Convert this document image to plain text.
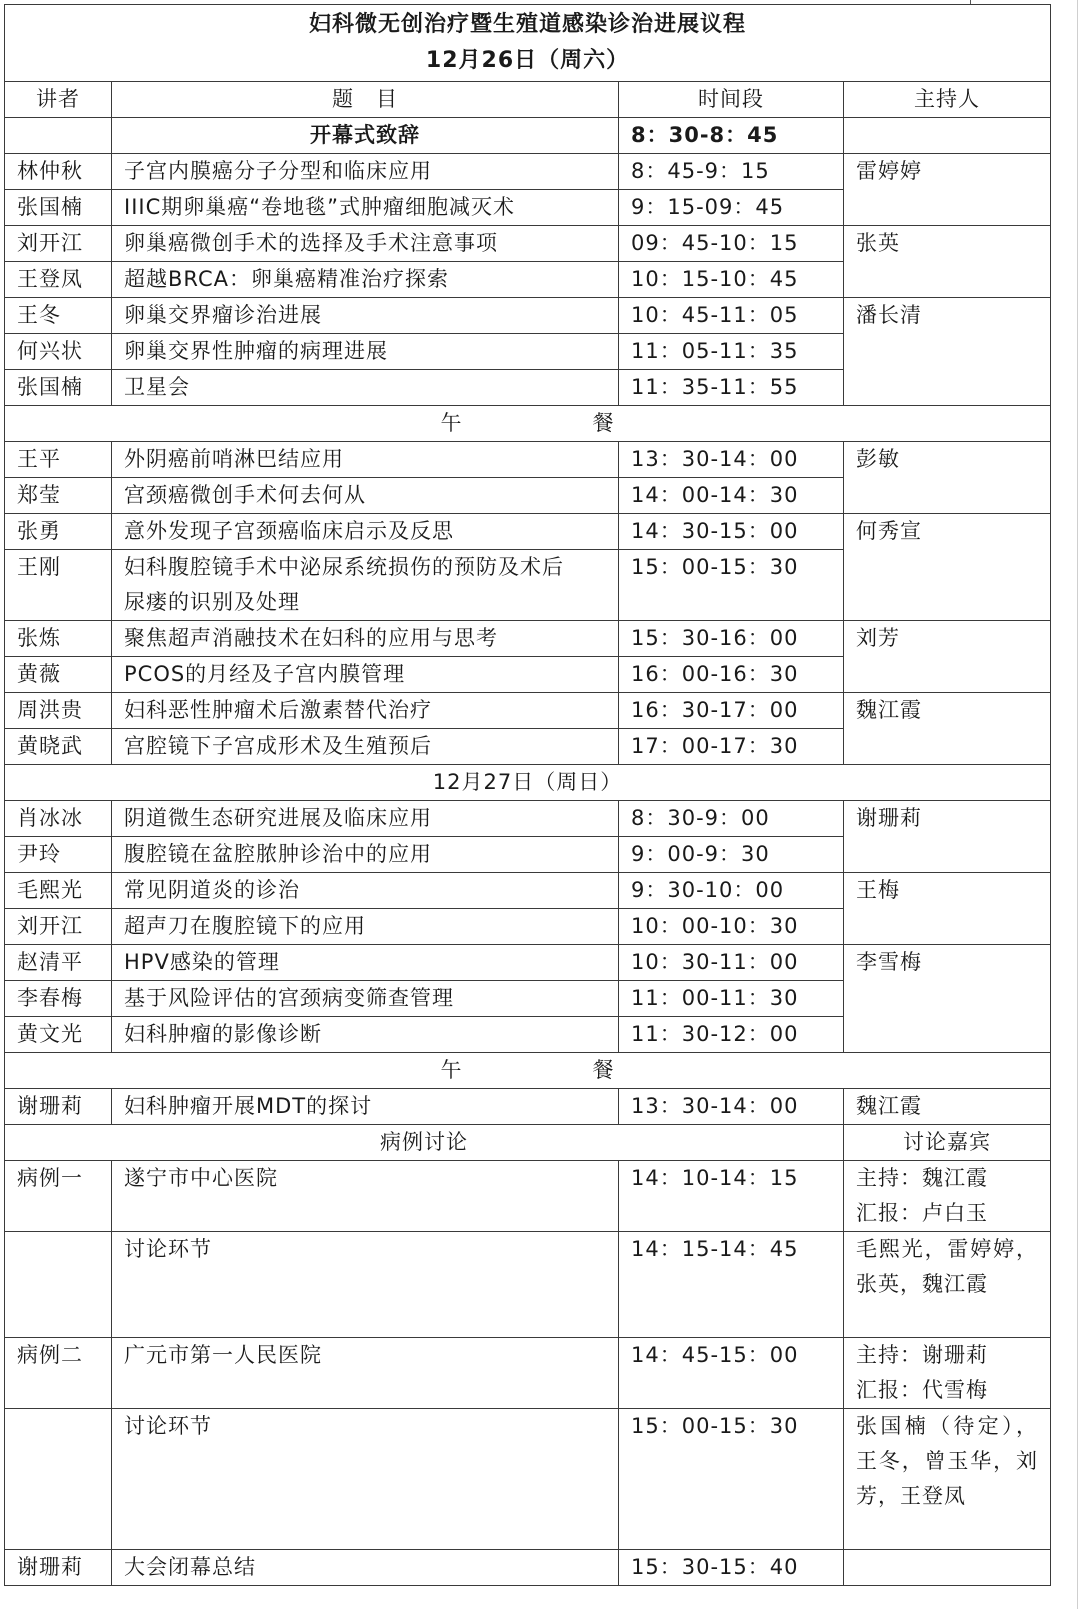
妇科微无创治疗暨生殖道感染诊治进展议程
12月26日（周六）			

讲者	题　目	时间段	主持人
	开幕式致辞	8：30-8：45	
林仲秋	子宫内膜癌分子分型和临床应用	8：45-9：15	雷婷婷
张国楠	IIIC期卵巢癌“卷地毯”式肿瘤细胞减灭术	9：15-09：45	
刘开江	卵巢癌微创手术的选择及手术注意事项	09：45-10：15	张英
王登凤	超越BRCA：卵巢癌精准治疗探索	10：15-10：45	
王冬	卵巢交界瘤诊治进展	10：45-11：05	潘长清
何兴状	卵巢交界性肿瘤的病理进展	11：05-11：35	
张国楠	卫星会	11：35-11：55	
午 餐			
王平	外阴癌前哨淋巴结应用	13：30-14：00	彭敏
郑莹	宫颈癌微创手术何去何从	14：00-14：30	
张勇	意外发现子宫颈癌临床启示及反思	14：30-15：00	何秀宣
王刚	妇科腹腔镜手术中泌尿系统损伤的预防及术后
尿瘘的识别及处理	15：00-15：30	
张炼	聚焦超声消融技术在妇科的应用与思考	15：30-16：00	刘芳
黄薇	PCOS的月经及子宫内膜管理	16：00-16：30	
周洪贵	妇科恶性肿瘤术后激素替代治疗	16：30-17：00	魏江霞
黄晓武	宫腔镜下子宫成形术及生殖预后	17：00-17：30	
12月27日（周日）			
肖冰冰	阴道微生态研究进展及临床应用	8：30-9：00	谢珊莉
尹玲	腹腔镜在盆腔脓肿诊治中的应用	9：00-9：30	
毛熙光	常见阴道炎的诊治	9：30-10：00	王梅
刘开江	超声刀在腹腔镜下的应用	10：00-10：30	
赵清平	HPV感染的管理	10：30-11：00	李雪梅
李春梅	基于风险评估的宫颈病变筛查管理	11：00-11：30	
黄文光	妇科肿瘤的影像诊断	11：30-12：00	
午 餐			
谢珊莉	妇科肿瘤开展MDT的探讨	13：30-14：00	魏江霞
病例讨论			讨论嘉宾
病例一	遂宁市中心医院	14：10-14：15	主持：魏江霞
汇报：卢白玉

	讨论环节	14：15-14：45	毛熙光，雷婷婷，张英，魏江霞
病例二	广元市第一人民医院	14：45-15：00	主持：谢珊莉
汇报：代雪梅

	讨论环节	15：00-15：30	张国楠（待定），王冬，曾玉华，刘芳，王登凤
谢珊莉	大会闭幕总结	15：30-15：40	
